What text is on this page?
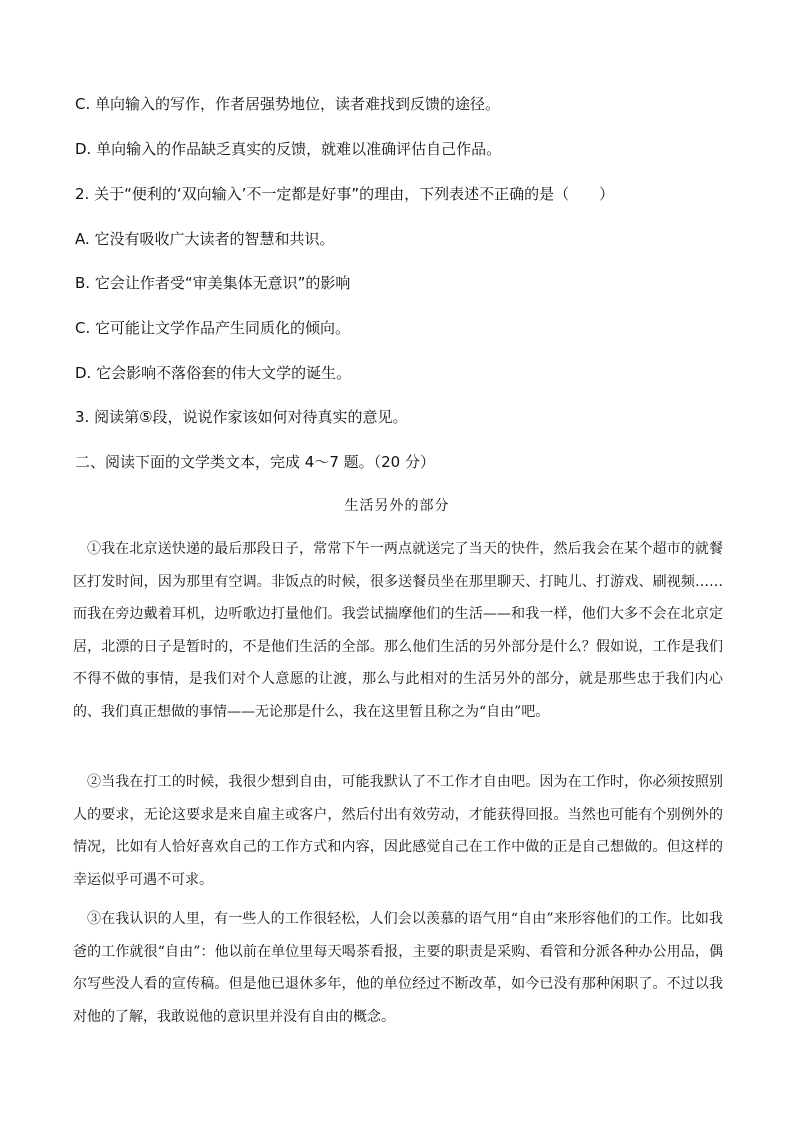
C. 单向输入的写作，作者居强势地位，读者难找到反馈的途径。
D. 单向输入的作品缺乏真实的反馈，就难以准确评估自己作品。
2. 关于“便利的‘双向输入’不一定都是好事”的理由，下列表述不正确的是（　　）
A. 它没有吸收广大读者的智慧和共识。
B. 它会让作者受“审美集体无意识”的影响
C. 它可能让文学作品产生同质化的倾向。
D. 它会影响不落俗套的伟大文学的诞生。
3. 阅读第⑤段，说说作家该如何对待真实的意见。
二、阅读下面的文学类文本，完成 4～7 题。（20 分）
生活另外的部分
①我在北京送快递的最后那段日子，常常下午一两点就送完了当天的快件，然后我会在某个超市的就餐区打发时间，因为那里有空调。非饭点的时候，很多送餐员坐在那里聊天、打盹儿、打游戏、刷视频……而我在旁边戴着耳机，边听歌边打量他们。我尝试揣摩他们的生活——和我一样，他们大多不会在北京定居，北漂的日子是暂时的，不是他们生活的全部。那么他们生活的另外部分是什么？假如说，工作是我们不得不做的事情，是我们对个人意愿的让渡，那么与此相对的生活另外的部分，就是那些忠于我们内心的、我们真正想做的事情——无论那是什么，我在这里暂且称之为“自由”吧。
②当我在打工的时候，我很少想到自由，可能我默认了不工作才自由吧。因为在工作时，你必须按照别人的要求，无论这要求是来自雇主或客户，然后付出有效劳动，才能获得回报。当然也可能有个别例外的情况，比如有人恰好喜欢自己的工作方式和内容，因此感觉自己在工作中做的正是自己想做的。但这样的幸运似乎可遇不可求。
③在我认识的人里，有一些人的工作很轻松，人们会以羡慕的语气用“自由”来形容他们的工作。比如我爸的工作就很“自由”：他以前在单位里每天喝茶看报，主要的职责是采购、看管和分派各种办公用品，偶尔写些没人看的宣传稿。但是他已退休多年，他的单位经过不断改革，如今已没有那种闲职了。不过以我对他的了解，我敢说他的意识里并没有自由的概念。
